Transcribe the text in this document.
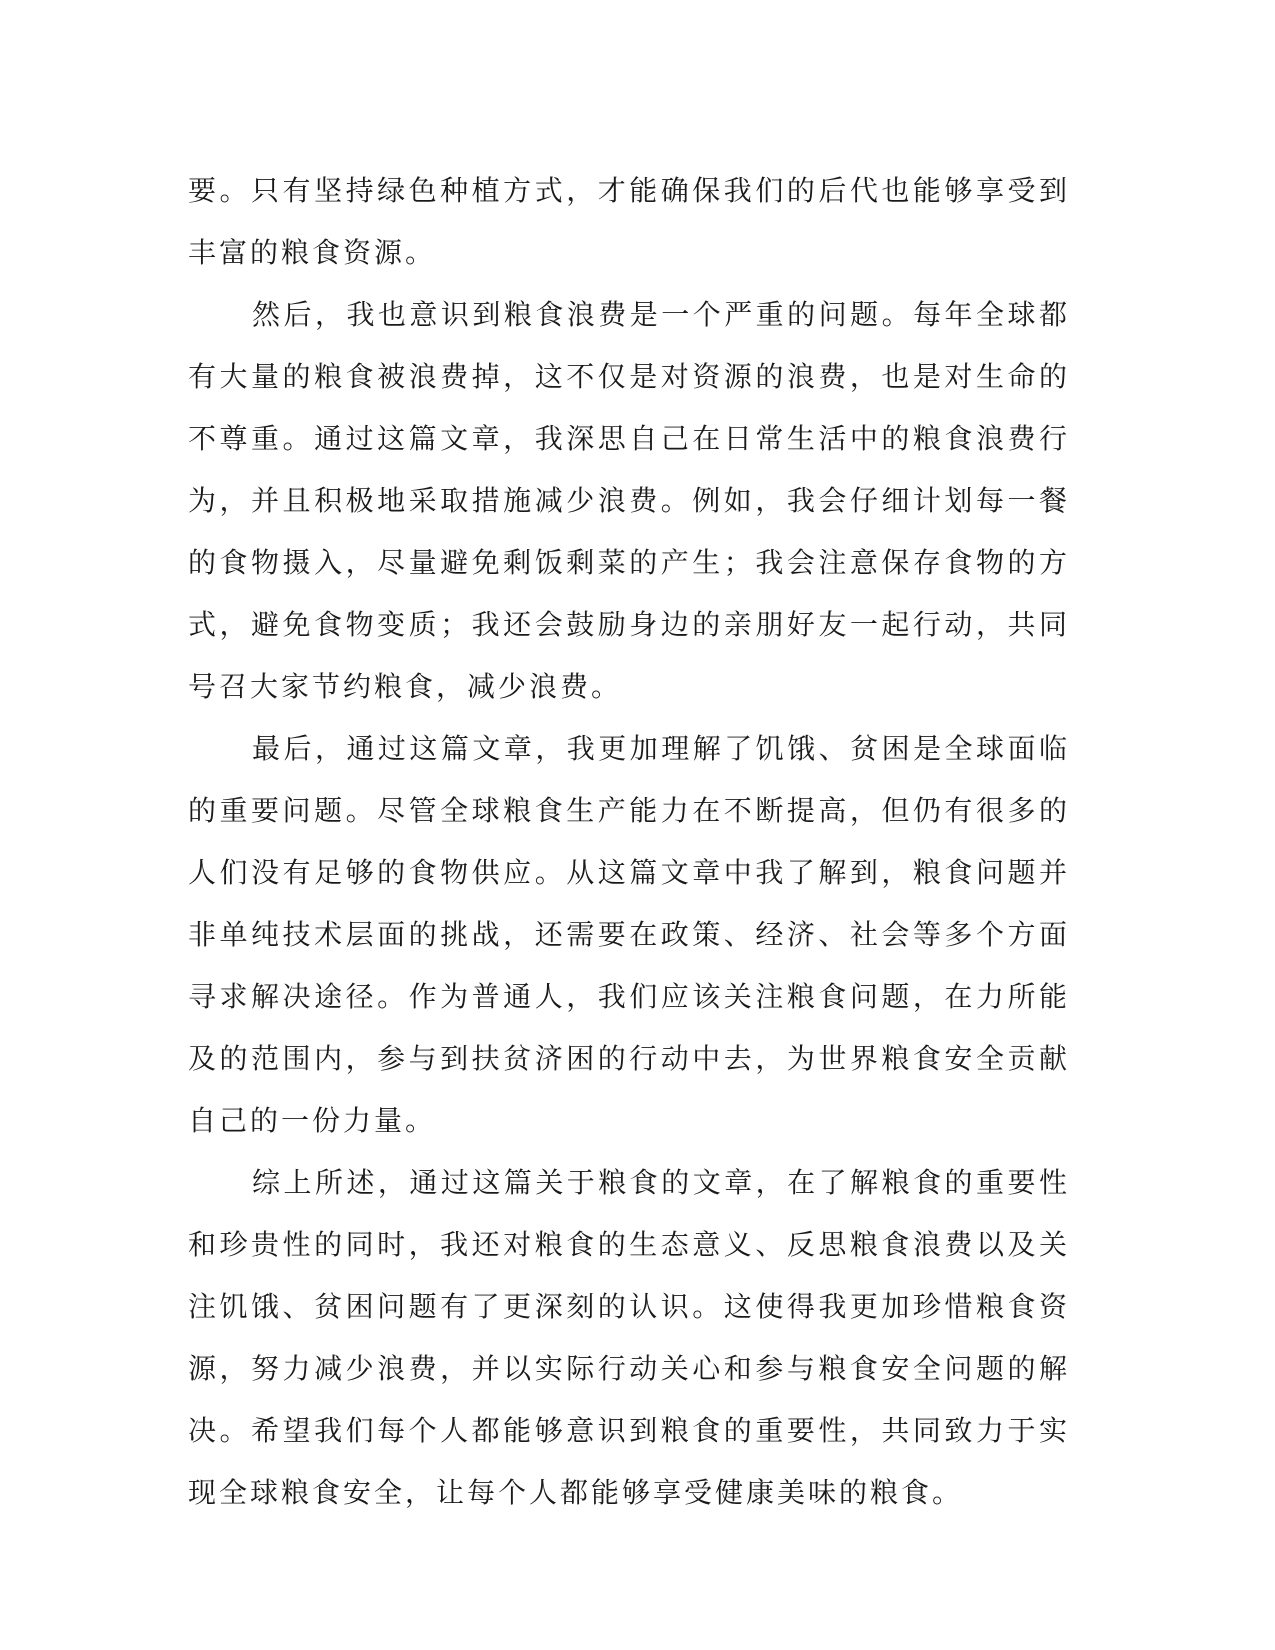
要。只有坚持绿色种植方式，才能确保我们的后代也能够享受到丰富的粮食资源。

然后，我也意识到粮食浪费是一个严重的问题。每年全球都有大量的粮食被浪费掉，这不仅是对资源的浪费，也是对生命的不尊重。通过这篇文章，我深思自己在日常生活中的粮食浪费行为，并且积极地采取措施减少浪费。例如，我会仔细计划每一餐的食物摄入，尽量避免剩饭剩菜的产生；我会注意保存食物的方式，避免食物变质；我还会鼓励身边的亲朋好友一起行动，共同号召大家节约粮食，减少浪费。

最后，通过这篇文章，我更加理解了饥饿、贫困是全球面临的重要问题。尽管全球粮食生产能力在不断提高，但仍有很多的人们没有足够的食物供应。从这篇文章中我了解到，粮食问题并非单纯技术层面的挑战，还需要在政策、经济、社会等多个方面寻求解决途径。作为普通人，我们应该关注粮食问题，在力所能及的范围内，参与到扶贫济困的行动中去，为世界粮食安全贡献自己的一份力量。

综上所述，通过这篇关于粮食的文章，在了解粮食的重要性和珍贵性的同时，我还对粮食的生态意义、反思粮食浪费以及关注饥饿、贫困问题有了更深刻的认识。这使得我更加珍惜粮食资源，努力减少浪费，并以实际行动关心和参与粮食安全问题的解决。希望我们每个人都能够意识到粮食的重要性，共同致力于实现全球粮食安全，让每个人都能够享受健康美味的粮食。
